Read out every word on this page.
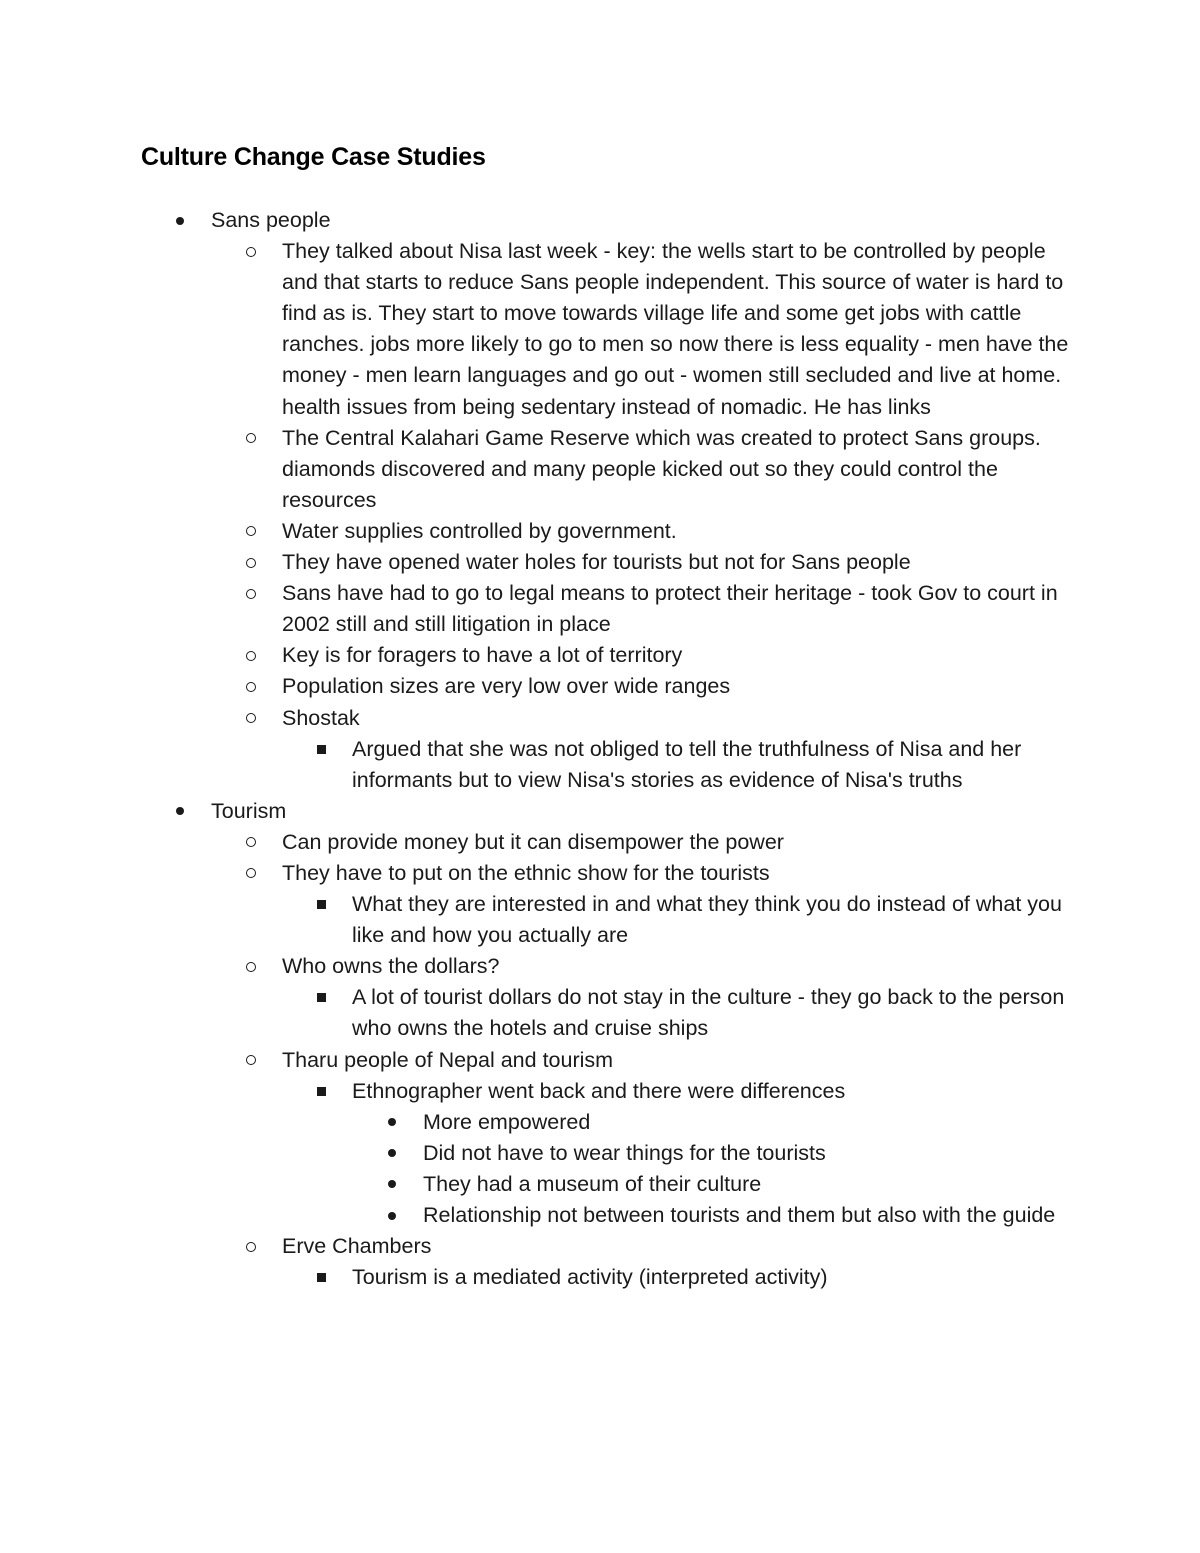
Culture Change Case Studies
Sans people
They talked about Nisa last week - key: the wells start to be controlled by people and that starts to reduce Sans people independent. This source of water is hard to find as is. They start to move towards village life and some get jobs with cattle ranches. jobs more likely to go to men so now there is less equality - men have the money - men learn languages and go out - women still secluded and live at home. health issues from being sedentary instead of nomadic. He has links
The Central Kalahari Game Reserve which was created to protect Sans groups. diamonds discovered and many people kicked out so they could control the resources
Water supplies controlled by government.
They have opened water holes for tourists but not for Sans people
Sans have had to go to legal means to protect their heritage - took Gov to court in 2002 still and still litigation in place
Key is for foragers to have a lot of territory
Population sizes are very low over wide ranges
Shostak
Argued that she was not obliged to tell the truthfulness of Nisa and her informants but to view Nisa's stories as evidence of Nisa's truths
Tourism
Can provide money but it can disempower the power
They have to put on the ethnic show for the tourists
What they are interested in and what they think you do instead of what you like and how you actually are
Who owns the dollars?
A lot of tourist dollars do not stay in the culture - they go back to the person who owns the hotels and cruise ships
Tharu people of Nepal and tourism
Ethnographer went back and there were differences
More empowered
Did not have to wear things for the tourists
They had a museum of their culture
Relationship not between tourists and them but also with the guide
Erve Chambers
Tourism is a mediated activity (interpreted activity)
